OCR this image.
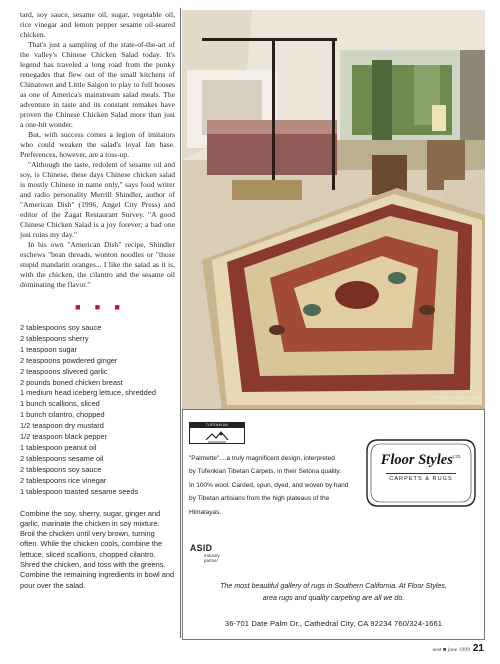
tard, soy sauce, sesame oil, sugar, vegetable oil, rice vinegar and lemon pepper sesame oil-seared chicken.

That's just a sampling of the state-of-the-art of the valley's Chinese Chicken Salad today. It's legend has traveled a long road from the punky renegades that flew out of the small kitchens of Chinatown and Little Saigon to play to full houses as one of America's mainstream salad meals. The adventure in taste and its constant remakes have proven the Chinese Chicken Salad more than just a one-hit wonder.

But, with success comes a legion of imitators who could weaken the salad's loyal fan base. Preferences, however, are a toss-up.

"Although the taste, redolent of sesame oil and soy, is Chinese, these days Chinese chicken salad is mostly Chinese in name only," says food writer and radio personality Merrill Shindler, author of "American Dish" (1996, Angel City Press) and editor of the Zagat Restaurant Survey. "A good Chinese Chicken Salad is a joy forever; a bad one just ruins my day."

In his own "American Dish" recipe, Shindler eschews "bean threads, wonton noodles or "those stupid mandarin oranges... I like the salad as it is, with the chicken, the cilantro and the sesame oil dominating the flavor."

■ ■ ■
2 tablespoons soy sauce
2 tablespoons sherry
1 teaspoon sugar
2 teaspoons powdered ginger
2 teaspoons slivered garlic
2 pounds boned chicken breast
1 medium head iceberg lettuce, shredded
1 bunch scallions, sliced
1 bunch cilantro, chopped
1/2 teaspoon dry mustard
1/2 teaspoon black pepper
1 tablespoon peanut oil
2 tablespoons sesame oil
2 tablespoons soy sauce
2 tablespoons rice vinegar
1 tablespoon toasted sesame seeds
Combine the soy, sherry, sugar, ginger and garlic, marinate the chicken in soy mixture. Broil the chicken until very brown, turning often. While the chicken cools, combine the lettuce, sliced scallions, chopped cilantro. Shred the chicken, and toss with the greens. Combine the remaining ingredients in bowl and pour over the salad.
Photo by Taylor Sherrill
Interiors by Frazier Hoppe & Co.
TUFENKIAN
"Palmette"....a truly magnificent design, interpreted
by Tufenkian Tibetan Carpets, in their Setona quality.
In 100% wool. Carded, spun, dyed, and woven by hand
by Tibetan artisians from the high plateaus of the Himalayas.
Floor Styles$^{LTD.}$
CARPETS & RUGS
ASID
Industry
partner
The most beautiful gallery of rugs in Southern California. At Floor Styles,
area rugs and quality carpeting are all we do.
36-701 Date Palm Dr., Cathedral City, CA 92234 760/324-1661
nest ■ june 1999 21
